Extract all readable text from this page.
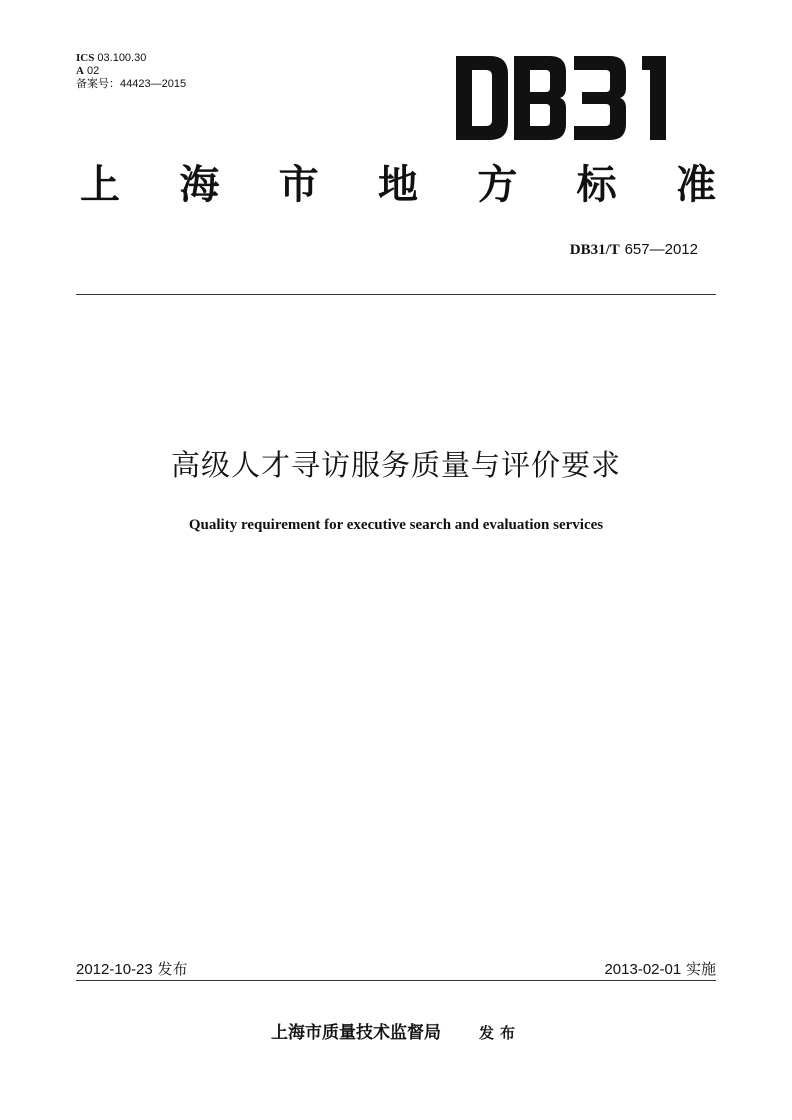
ICS 03.100.30
A 02
备案号：44423—2015
上 海 市 地 方 标 准
DB31/T 657—2012
高级人才寻访服务质量与评价要求
Quality requirement for executive search and evaluation services
2012-10-23 发布	2013-02-01 实施
上海市质量技术监督局	发布
